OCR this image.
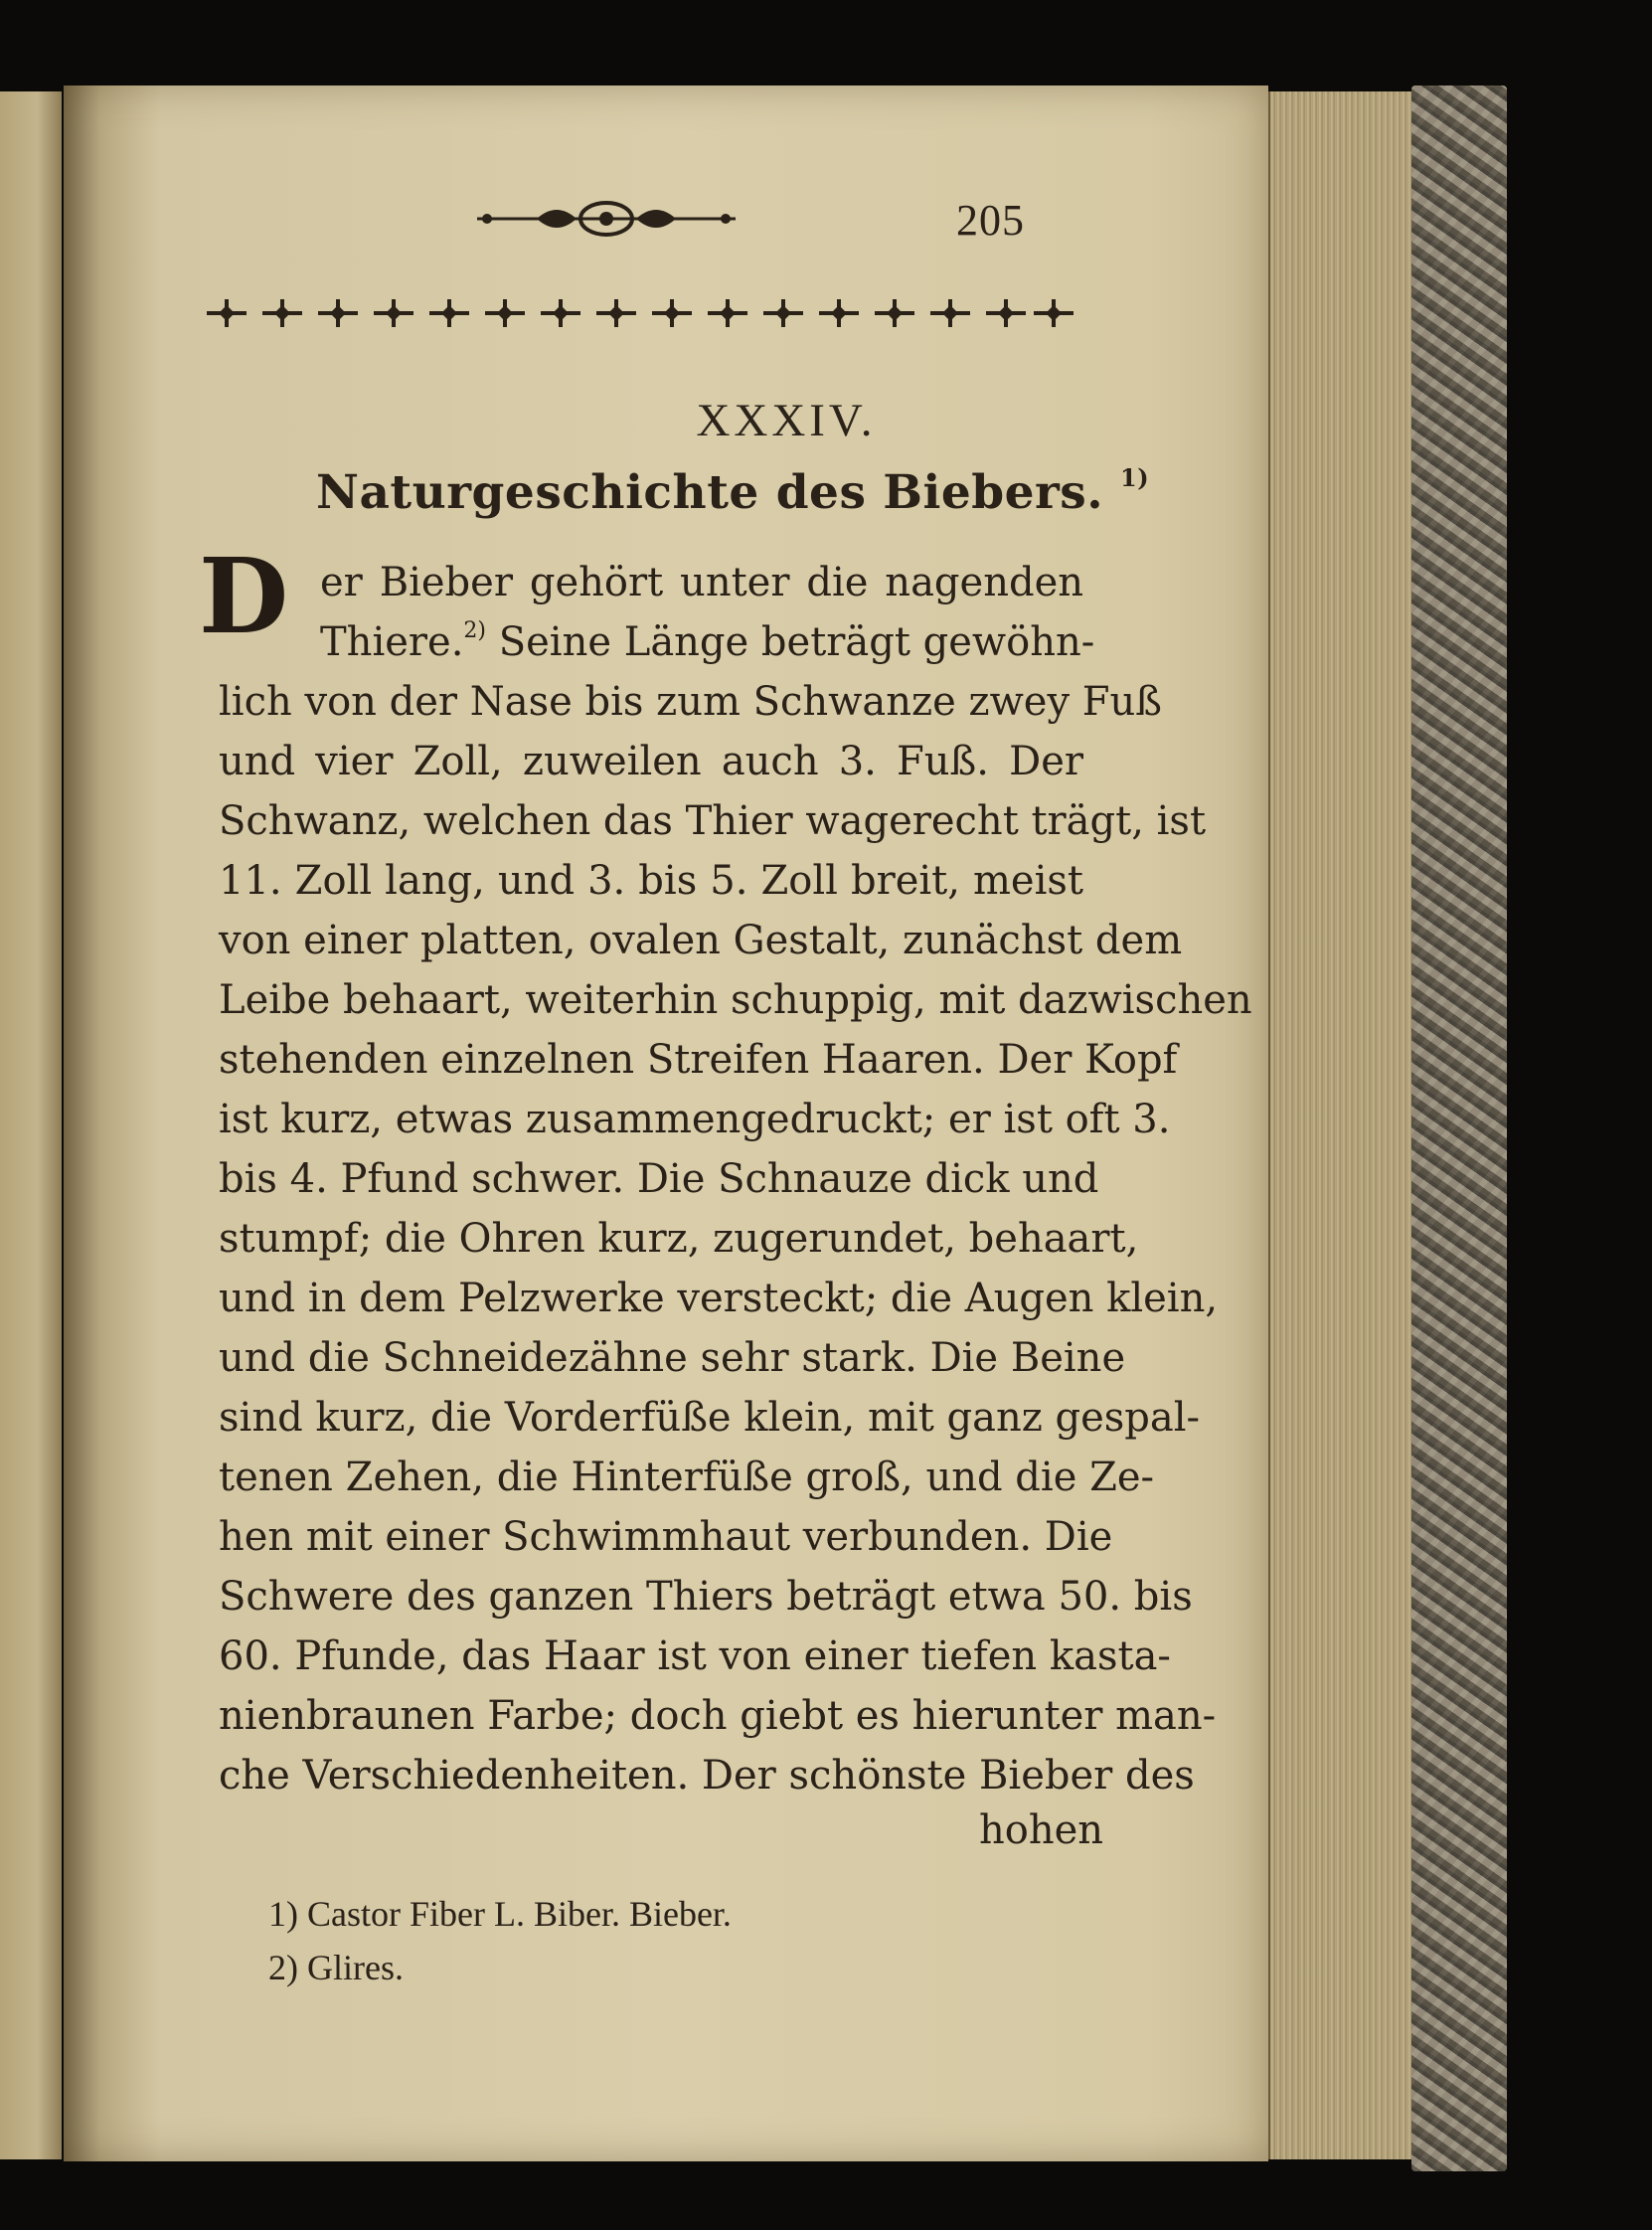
205
XXXIV.
Naturgeschichte des Biebers. $^{1)}$
D er Bieber gehört unter die nagenden
Thiere.$^{2)}$ Seine Länge beträgt gewöhn-
lich von der Nase bis zum Schwanze zwey Fuß
und vier Zoll, zuweilen auch 3. Fuß. Der
Schwanz, welchen das Thier wagerecht trägt, ist
11. Zoll lang, und 3. bis 5. Zoll breit, meist
von einer platten, ovalen Gestalt, zunächst dem
Leibe behaart, weiterhin schuppig, mit dazwischen
stehenden einzelnen Streifen Haaren. Der Kopf
ist kurz, etwas zusammengedruckt; er ist oft 3.
bis 4. Pfund schwer. Die Schnauze dick und
stumpf; die Ohren kurz, zugerundet, behaart,
und in dem Pelzwerke versteckt; die Augen klein,
und die Schneidezähne sehr stark. Die Beine
sind kurz, die Vorderfüße klein, mit ganz gespal-
tenen Zehen, die Hinterfüße groß, und die Ze-
hen mit einer Schwimmhaut verbunden. Die
Schwere des ganzen Thiers beträgt etwa 50. bis
60. Pfunde, das Haar ist von einer tiefen kasta-
nienbraunen Farbe; doch giebt es hierunter man-
che Verschiedenheiten. Der schönste Bieber des
hohen
1) Castor Fiber L. Biber. Bieber.
2) Glires.
